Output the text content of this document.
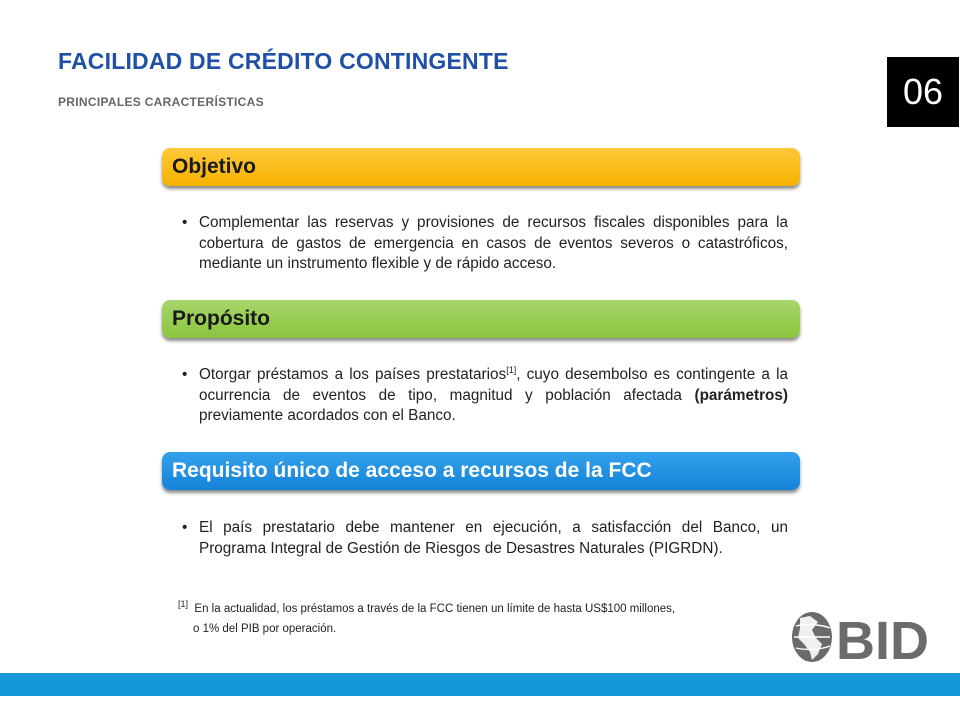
FACILIDAD DE CRÉDITO CONTINGENTE
PRINCIPALES CARACTERÍSTICAS	06
Objetivo
• Complementar las reservas y provisiones de recursos fiscales disponibles para la cobertura de gastos de emergencia en casos de eventos severos o catastróficos, mediante un instrumento flexible y de rápido acceso.
Propósito
• Otorgar préstamos a los países prestatarios[1], cuyo desembolso es contingente a la ocurrencia de eventos de tipo, magnitud y población afectada (parámetros) previamente acordados con el Banco.
Requisito único de acceso a recursos de la FCC
• El país prestatario debe mantener en ejecución, a satisfacción del Banco, un Programa Integral de Gestión de Riesgos de Desastres Naturales (PIGRDN).
[1] En la actualidad, los préstamos a través de la FCC tienen un límite de hasta US$100 millones,
o 1% del PIB por operación.	BID
